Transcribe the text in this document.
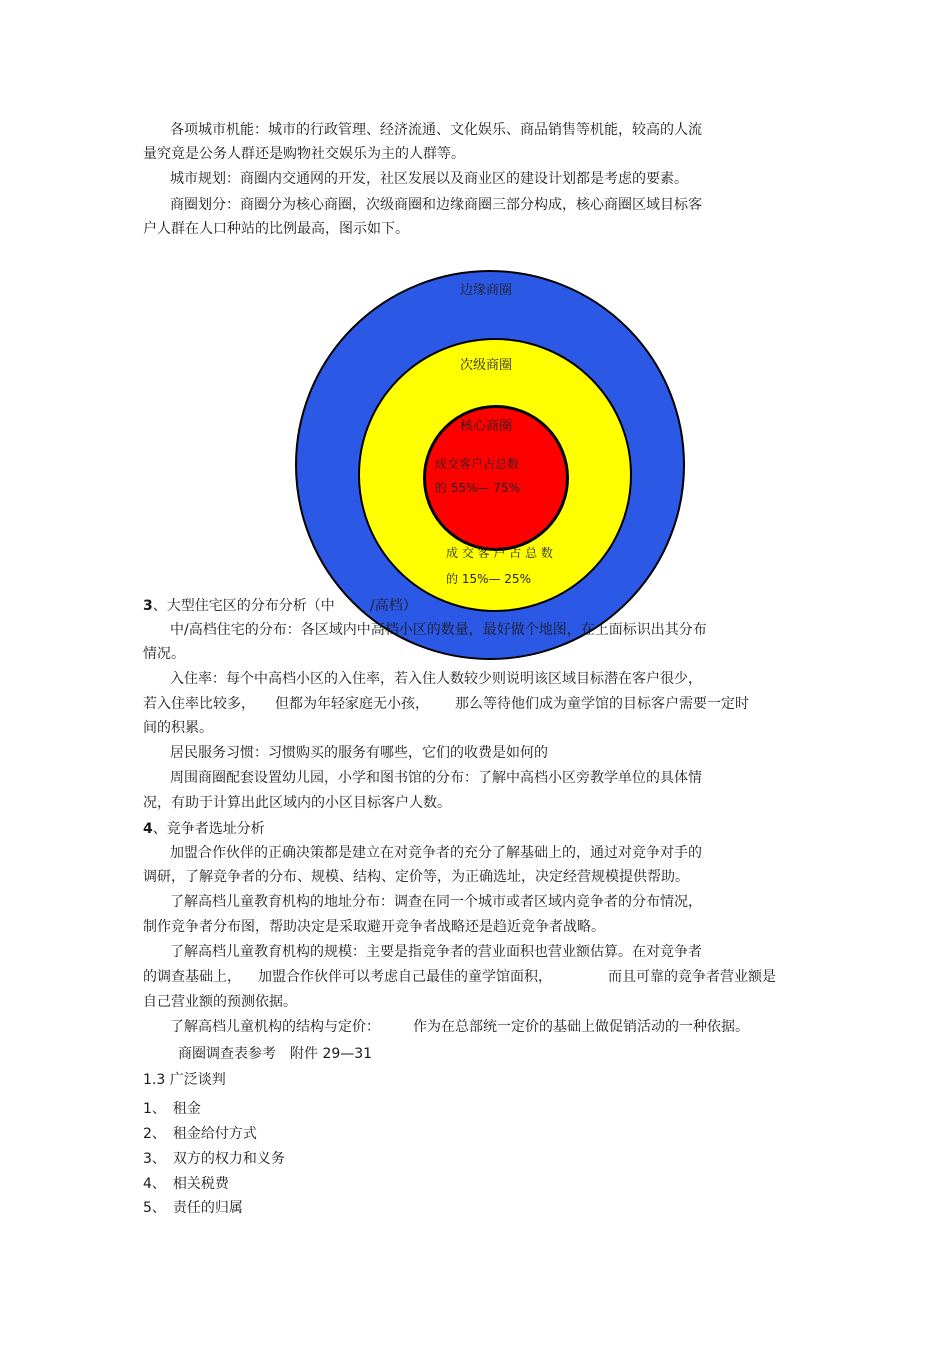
各项城市机能：城市的行政管理、经济流通、文化娱乐、商品销售等机能，较高的人流
量究竟是公务人群还是购物社交娱乐为主的人群等。
城市规划：商圈内交通网的开发，社区发展以及商业区的建设计划都是考虑的要素。
商圈划分：商圈分为核心商圈，次级商圈和边缘商圈三部分构成，核心商圈区域目标客
户人群在人口种站的比例最高，图示如下。
边缘商圈
次级商圈
核心商圈
成交客户占总数
的 55%— 75%
成 交 客 户 占 总 数
的 15%— 25%
3、大型住宅区的分布分析（中	/高档）
中/高档住宅的分布：各区域内中高档小区的数量，最好做个地图，在上面标识出其分布
情况。
入住率：每个中高档小区的入住率，若入住人数较少则说明该区域目标潜在客户很少，
若入住率比较多， 但都为年轻家庭无小孩， 那么等待他们成为童学馆的目标客户需要一定时
间的积累。
居民服务习惯：习惯购买的服务有哪些，它们的收费是如何的
周围商圈配套设置幼儿园，小学和图书馆的分布：了解中高档小区旁教学单位的具体情
况，有助于计算出此区域内的小区目标客户人数。
4、竞争者选址分析
加盟合作伙伴的正确决策都是建立在对竞争者的充分了解基础上的，通过对竞争对手的
调研，了解竞争者的分布、规模、结构、定价等，为正确选址，决定经营规模提供帮助。
了解高档儿童教育机构的地址分布：调查在同一个城市或者区域内竞争者的分布情况，
制作竞争者分布图，帮助决定是采取避开竞争者战略还是趋近竞争者战略。
了解高档儿童教育机构的规模：主要是指竞争者的营业面积也营业额估算。在对竞争者
的调查基础上， 加盟合作伙伴可以考虑自己最佳的童学馆面积，	而且可靠的竞争者营业额是
自己营业额的预测依据。
了解高档儿童机构的结构与定价： 作为在总部统一定价的基础上做促销活动的一种依据。
商圈调查表参考　附件 29—31
1.3 广泛谈判
1、　租金
2、　租金给付方式
3、　双方的权力和义务
4、　相关税费
5、　责任的归属
